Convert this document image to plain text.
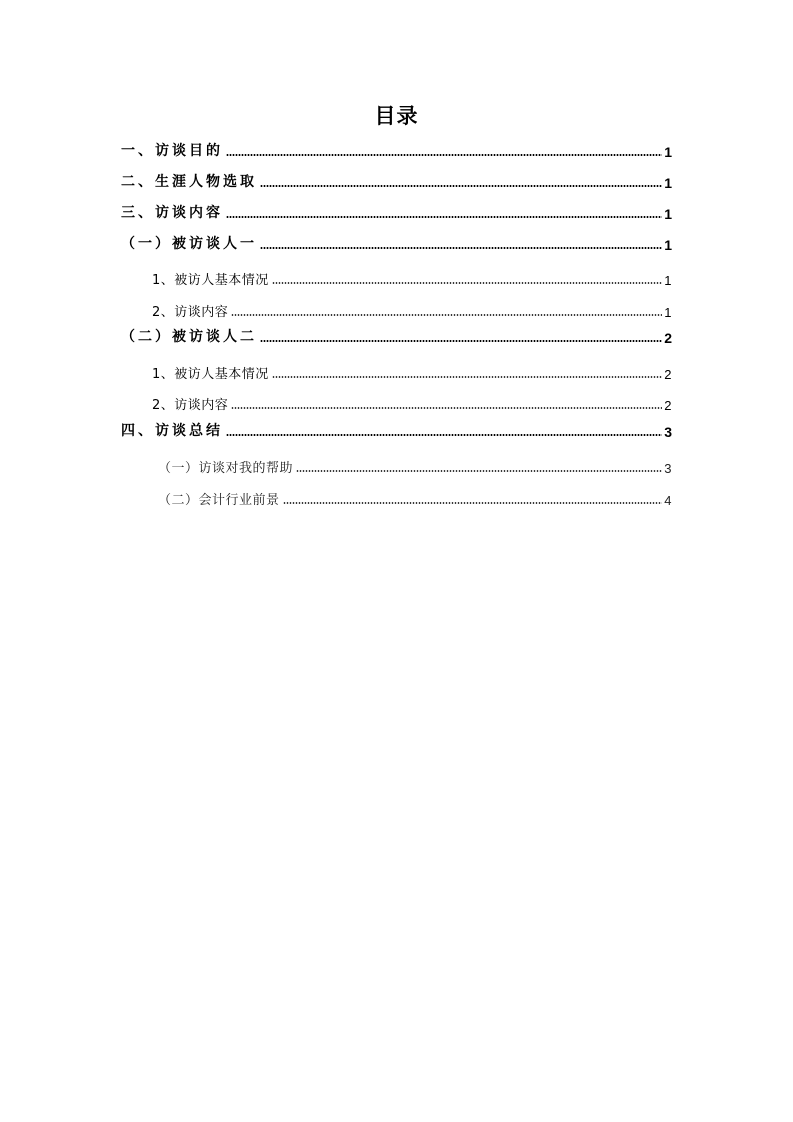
目录
一、访谈目的	1
二、生涯人物选取	1
三、访谈内容	1
（一）被访谈人一	1
1、被访人基本情况	1
2、访谈内容	1
（二）被访谈人二	2
1、被访人基本情况	2
2、访谈内容	2
四、访谈总结	3
（一）访谈对我的帮助	3
（二）会计行业前景	4
